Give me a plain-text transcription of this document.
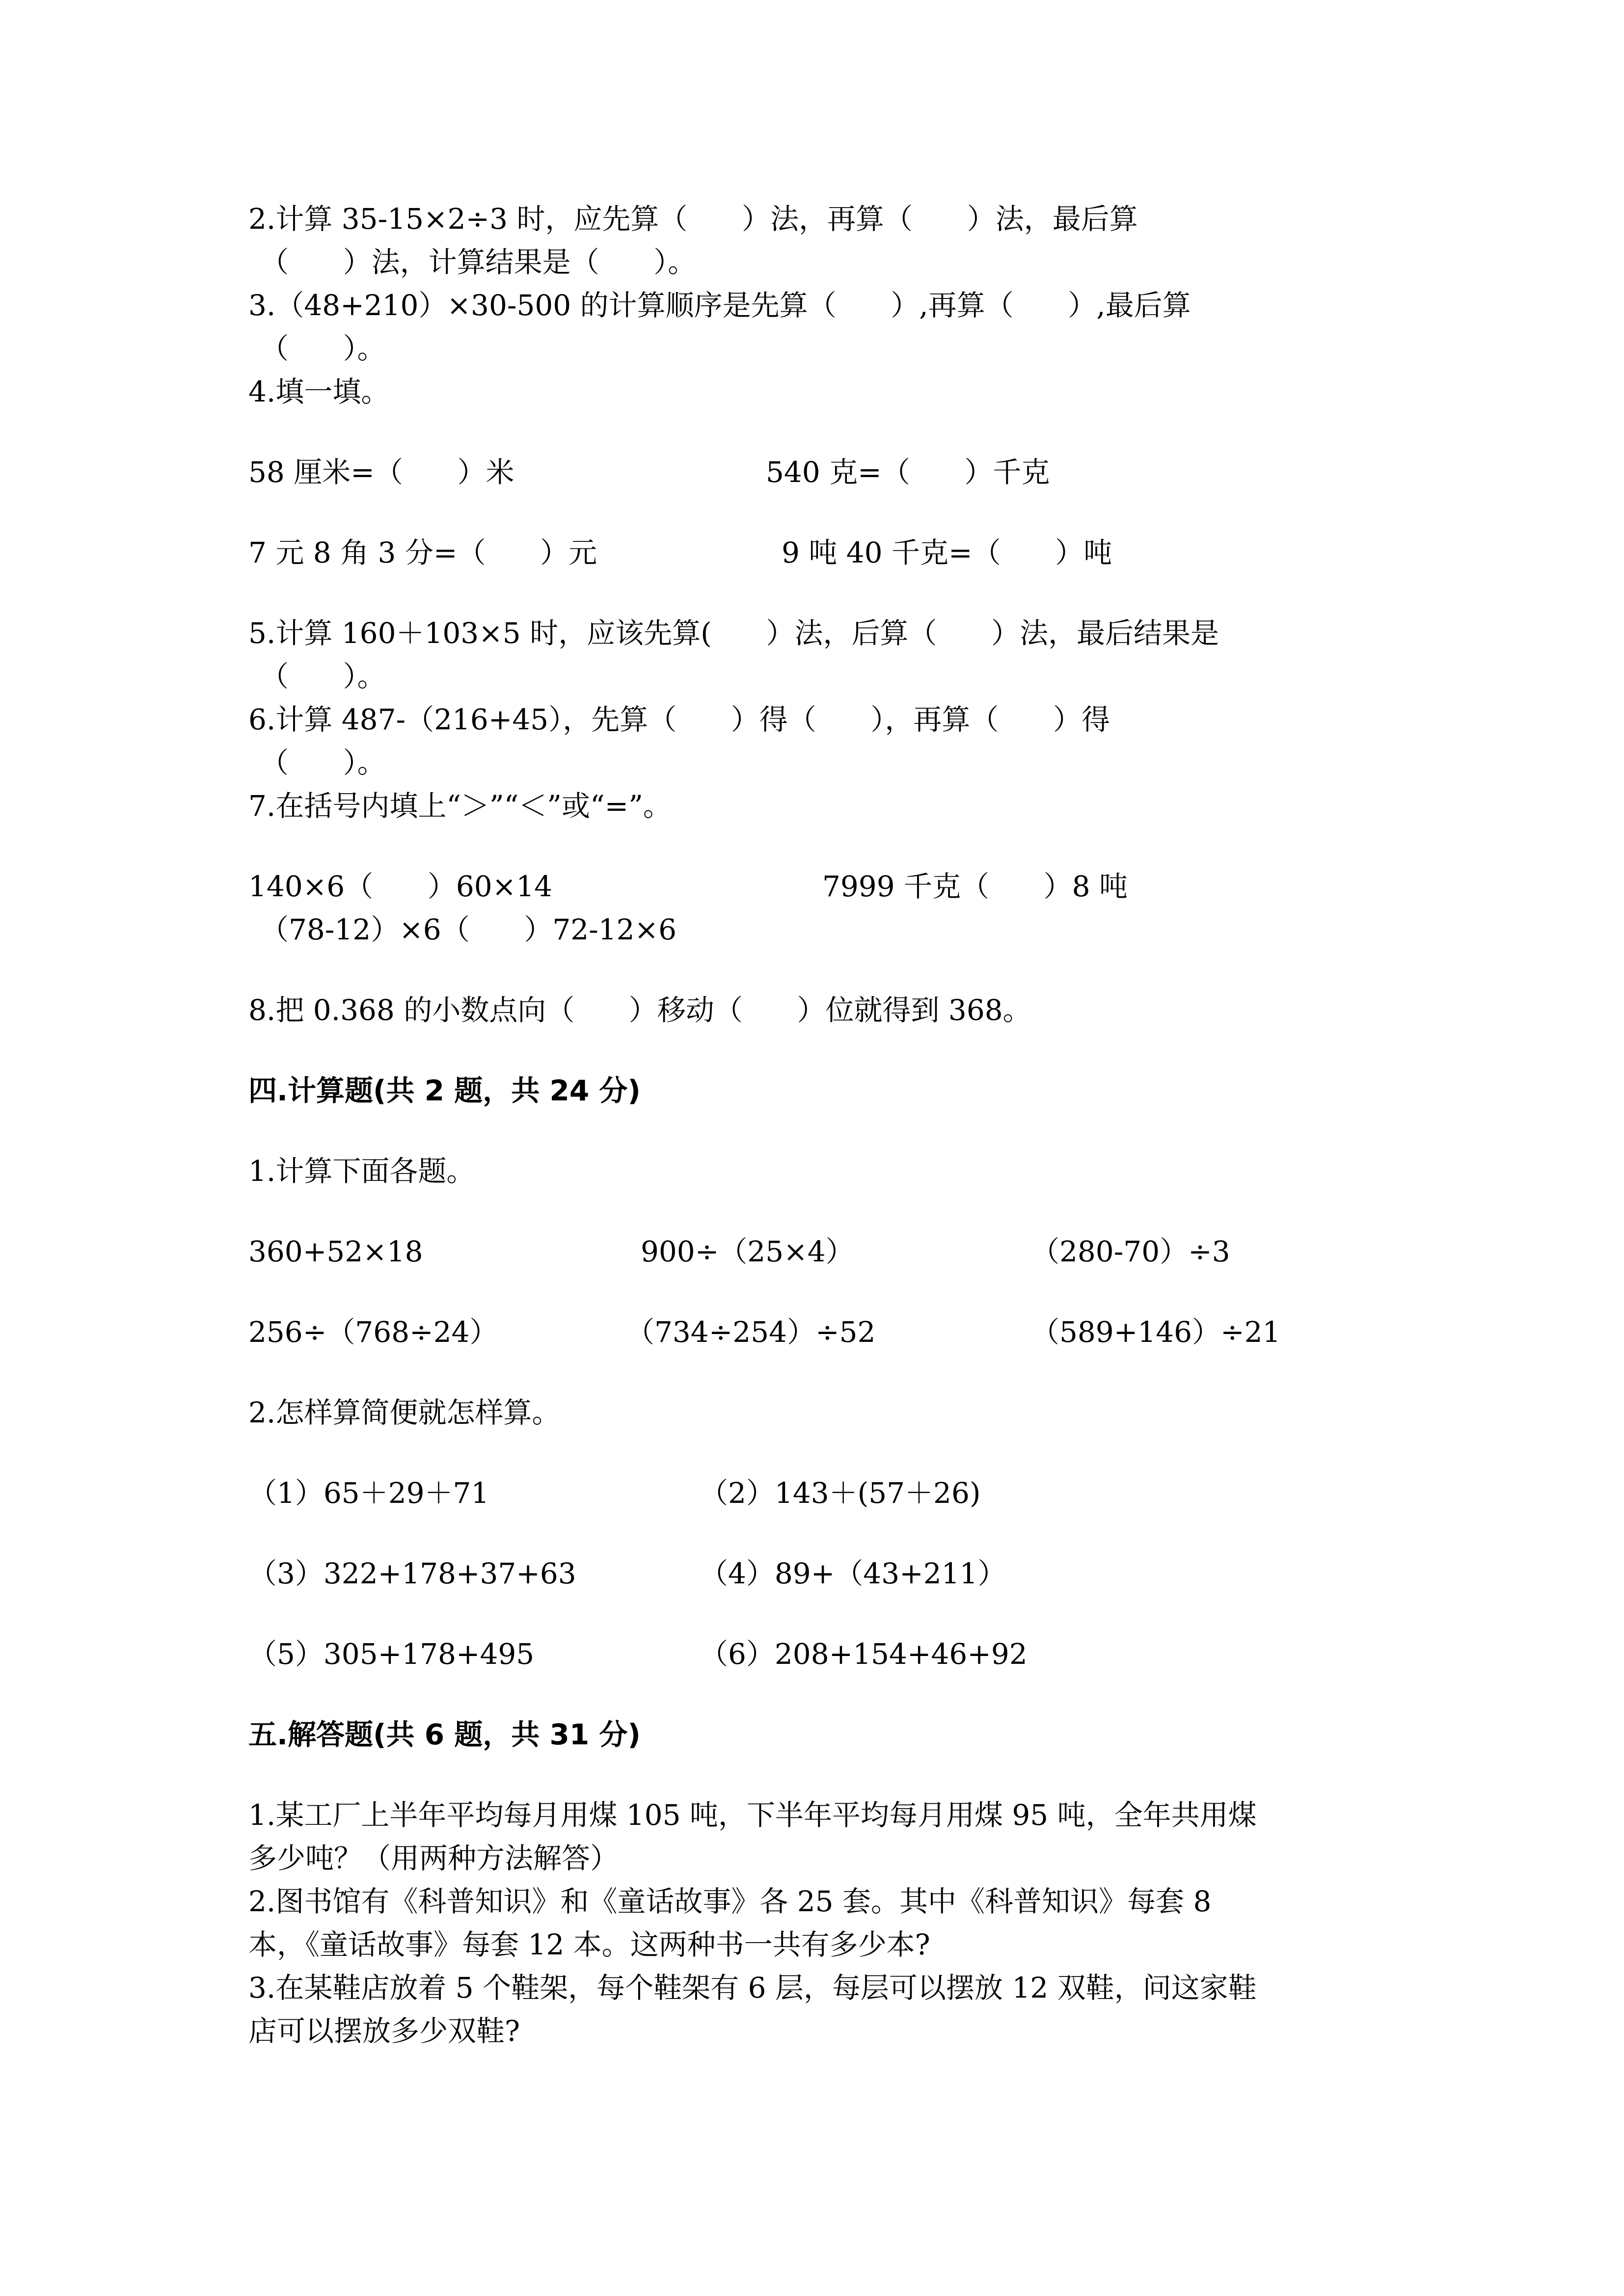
2.计算 35-15×2÷3 时，应先算（      ）法，再算（      ）法，最后算
（      ）法，计算结果是（      ）。
3.（48+210）×30-500 的计算顺序是先算（      ）,再算（      ）,最后算
（      ）。
4.填一填。
58 厘米=（      ）米	540 克=（      ）千克
7 元 8 角 3 分=（      ）元	9 吨 40 千克=（      ）吨
5.计算 160＋103×5 时，应该先算(      ）法，后算（      ）法，最后结果是
（      ）。
6.计算 487-（216+45），先算（      ）得（      ），再算（      ）得
（      ）。
7.在括号内填上“＞”“＜”或“=”。
140×6（      ）60×14	7999 千克（      ）8 吨
（78-12）×6（      ）72-12×6
8.把 0.368 的小数点向（      ）移动（      ）位就得到 368。
四.计算题(共 2 题，共 24 分)
1.计算下面各题。
360+52×18	900÷（25×4）	（280-70）÷3
256÷（768÷24）	（734÷254）÷52	（589+146）÷21
2.怎样算简便就怎样算。
（1）65＋29＋71	（2）143＋(57＋26)
（3）322+178+37+63	（4）89+（43+211）
（5）305+178+495	（6）208+154+46+92
五.解答题(共 6 题，共 31 分)
1.某工厂上半年平均每月用煤 105 吨，下半年平均每月用煤 95 吨，全年共用煤
多少吨？（用两种方法解答）
2.图书馆有《科普知识》和《童话故事》各 25 套。其中《科普知识》每套 8
本，《童话故事》每套 12 本。这两种书一共有多少本?
3.在某鞋店放着 5 个鞋架，每个鞋架有 6 层，每层可以摆放 12 双鞋，问这家鞋
店可以摆放多少双鞋?
